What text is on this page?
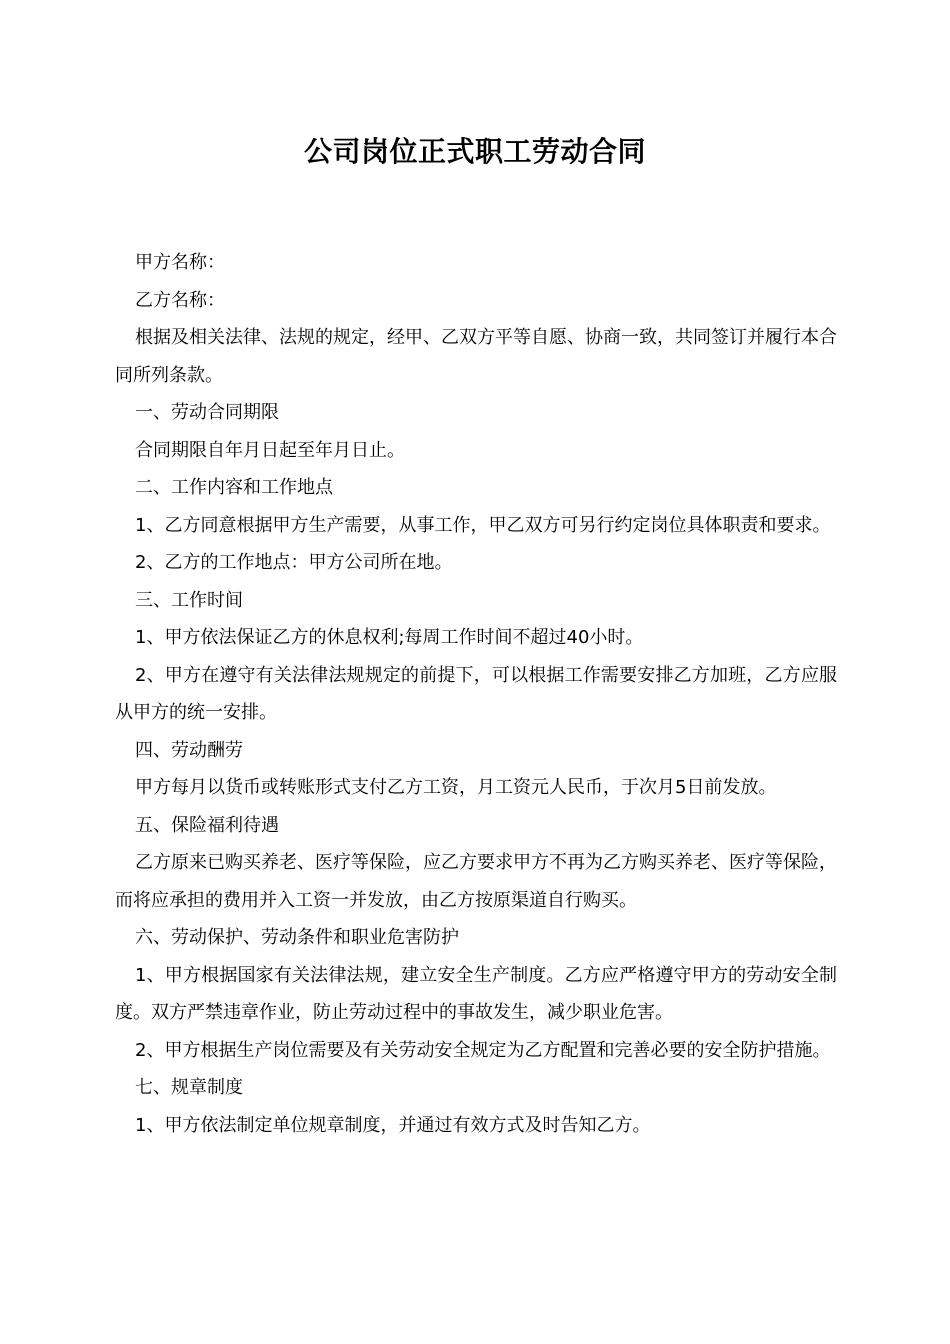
公司岗位正式职工劳动合同

甲方名称：

乙方名称：

根据及相关法律、法规的规定，经甲、乙双方平等自愿、协商一致，共同签订并履行本合同所列条款。

一、劳动合同期限

合同期限自年月日起至年月日止。

二、工作内容和工作地点

1、乙方同意根据甲方生产需要，从事工作，甲乙双方可另行约定岗位具体职责和要求。

2、乙方的工作地点：甲方公司所在地。

三、工作时间

1、甲方依法保证乙方的休息权利;每周工作时间不超过40小时。

2、甲方在遵守有关法律法规规定的前提下，可以根据工作需要安排乙方加班，乙方应服从甲方的统一安排。

四、劳动酬劳

甲方每月以货币或转账形式支付乙方工资，月工资元人民币，于次月5日前发放。

五、保险福利待遇

乙方原来已购买养老、医疗等保险，应乙方要求甲方不再为乙方购买养老、医疗等保险，而将应承担的费用并入工资一并发放，由乙方按原渠道自行购买。

六、劳动保护、劳动条件和职业危害防护

1、甲方根据国家有关法律法规，建立安全生产制度。乙方应严格遵守甲方的劳动安全制度。双方严禁违章作业，防止劳动过程中的事故发生，减少职业危害。

2、甲方根据生产岗位需要及有关劳动安全规定为乙方配置和完善必要的安全防护措施。

七、规章制度

1、甲方依法制定单位规章制度，并通过有效方式及时告知乙方。
